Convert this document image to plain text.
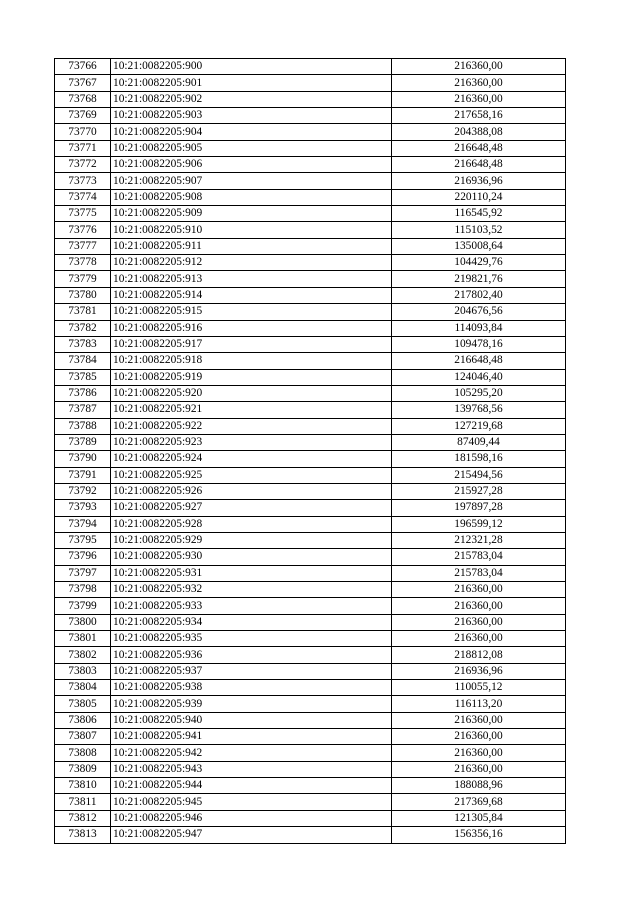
73766	10:21:0082205:900	216360,00
73767	10:21:0082205:901	216360,00
73768	10:21:0082205:902	216360,00
73769	10:21:0082205:903	217658,16
73770	10:21:0082205:904	204388,08
73771	10:21:0082205:905	216648,48
73772	10:21:0082205:906	216648,48
73773	10:21:0082205:907	216936,96
73774	10:21:0082205:908	220110,24
73775	10:21:0082205:909	116545,92
73776	10:21:0082205:910	115103,52
73777	10:21:0082205:911	135008,64
73778	10:21:0082205:912	104429,76
73779	10:21:0082205:913	219821,76
73780	10:21:0082205:914	217802,40
73781	10:21:0082205:915	204676,56
73782	10:21:0082205:916	114093,84
73783	10:21:0082205:917	109478,16
73784	10:21:0082205:918	216648,48
73785	10:21:0082205:919	124046,40
73786	10:21:0082205:920	105295,20
73787	10:21:0082205:921	139768,56
73788	10:21:0082205:922	127219,68
73789	10:21:0082205:923	87409,44
73790	10:21:0082205:924	181598,16
73791	10:21:0082205:925	215494,56
73792	10:21:0082205:926	215927,28
73793	10:21:0082205:927	197897,28
73794	10:21:0082205:928	196599,12
73795	10:21:0082205:929	212321,28
73796	10:21:0082205:930	215783,04
73797	10:21:0082205:931	215783,04
73798	10:21:0082205:932	216360,00
73799	10:21:0082205:933	216360,00
73800	10:21:0082205:934	216360,00
73801	10:21:0082205:935	216360,00
73802	10:21:0082205:936	218812,08
73803	10:21:0082205:937	216936,96
73804	10:21:0082205:938	110055,12
73805	10:21:0082205:939	116113,20
73806	10:21:0082205:940	216360,00
73807	10:21:0082205:941	216360,00
73808	10:21:0082205:942	216360,00
73809	10:21:0082205:943	216360,00
73810	10:21:0082205:944	188088,96
73811	10:21:0082205:945	217369,68
73812	10:21:0082205:946	121305,84
73813	10:21:0082205:947	156356,16
